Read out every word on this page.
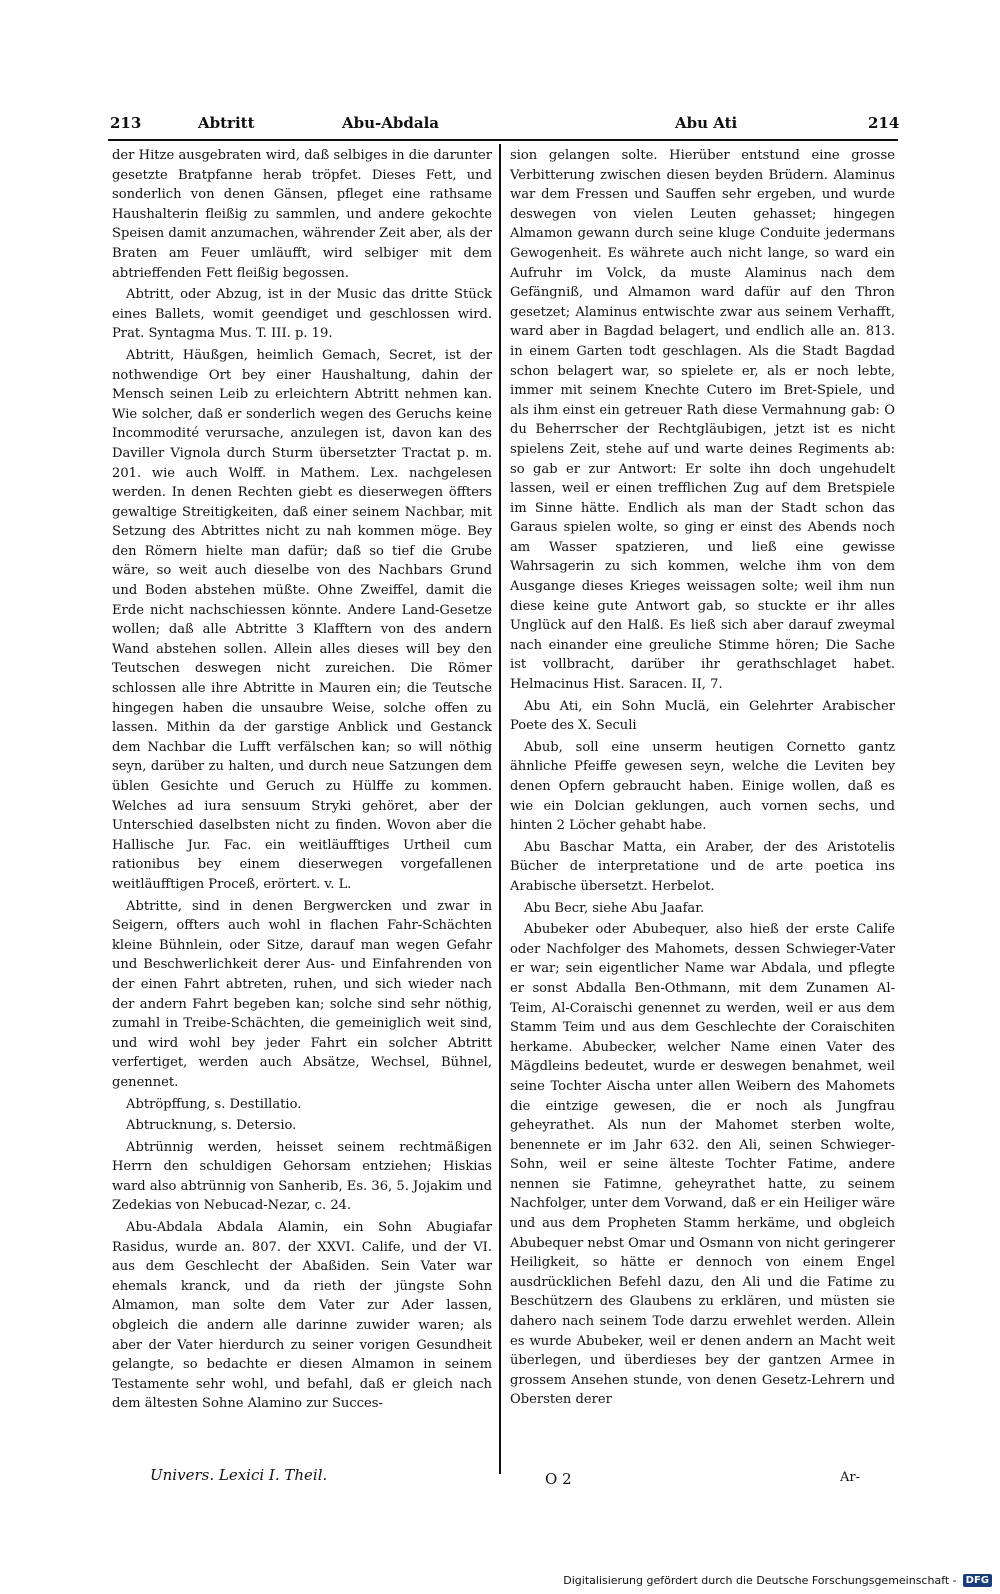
213	Abtritt	Abu-Abdala	Abu Ati	214

der Hitze ausgebraten wird, daß selbiges in die darunter gesetzte Bratpfanne herab tröpfet. Dieses Fett, und sonderlich von denen Gänsen, pfleget eine rathsame Haushalterin fleißig zu sammlen, und andere gekochte Speisen damit anzumachen, währender Zeit aber, als der Braten am Feuer umläufft, wird selbiger mit dem abtrieffenden Fett fleißig begossen.

Abtritt, oder Abzug, ist in der Music das dritte Stück eines Ballets, womit geendiget und geschlossen wird. Prat. Syntagma Mus. T. III. p. 19.

Abtritt, Häußgen, heimlich Gemach, Secret, ist der nothwendige Ort bey einer Haushaltung, dahin der Mensch seinen Leib zu erleichtern Abtritt nehmen kan. Wie solcher, daß er sonderlich wegen des Geruchs keine Incommodité verursache, anzulegen ist, davon kan des Daviller Vignola durch Sturm übersetzter Tractat p. m. 201. wie auch Wolff. in Mathem. Lex. nachgelesen werden. In denen Rechten giebt es dieserwegen öffters gewaltige Streitigkeiten, daß einer seinem Nachbar, mit Setzung des Abtrittes nicht zu nah kommen möge. Bey den Römern hielte man dafür; daß so tief die Grube wäre, so weit auch dieselbe von des Nachbars Grund und Boden abstehen müßte. Ohne Zweiffel, damit die Erde nicht nachschiessen könnte. Andere Land-Gesetze wollen; daß alle Abtritte 3 Klafftern von des andern Wand abstehen sollen. Allein alles dieses will bey den Teutschen deswegen nicht zureichen. Die Römer schlossen alle ihre Abtritte in Mauren ein; die Teutsche hingegen haben die unsaubre Weise, solche offen zu lassen. Mithin da der garstige Anblick und Gestanck dem Nachbar die Lufft verfälschen kan; so will nöthig seyn, darüber zu halten, und durch neue Satzungen dem üblen Gesichte und Geruch zu Hülffe zu kommen. Welches ad iura sensuum Stryki gehöret, aber der Unterschied daselbsten nicht zu finden. Wovon aber die Hallische Jur. Fac. ein weitläufftiges Urtheil cum rationibus bey einem dieserwegen vorgefallenen weitläufftigen Proceß, erörtert. v. L.

Abtritte, sind in denen Bergwercken und zwar in Seigern, offters auch wohl in flachen Fahr-Schächten kleine Bühnlein, oder Sitze, darauf man wegen Gefahr und Beschwerlichkeit derer Aus- und Einfahrenden von der einen Fahrt abtreten, ruhen, und sich wieder nach der andern Fahrt begeben kan; solche sind sehr nöthig, zumahl in Treibe-Schächten, die gemeiniglich weit sind, und wird wohl bey jeder Fahrt ein solcher Abtritt verfertiget, werden auch Absätze, Wechsel, Bühnel, genennet.

Abtröpffung, s. Destillatio.

Abtrucknung, s. Detersio.

Abtrünnig werden, heisset seinem rechtmäßigen Herrn den schuldigen Gehorsam entziehen; Hiskias ward also abtrünnig von Sanherib, Es. 36, 5. Jojakim und Zedekias von Nebucad-Nezar, c. 24.

Abu-Abdala Abdala Alamin, ein Sohn Abugiafar Rasidus, wurde an. 807. der XXVI. Calife, und der VI. aus dem Geschlecht der Abaßiden. Sein Vater war ehemals kranck, und da rieth der jüngste Sohn Almamon, man solte dem Vater zur Ader lassen, obgleich die andern alle darinne zuwider waren; als aber der Vater hierdurch zu seiner vorigen Gesundheit gelangte, so bedachte er diesen Almamon in seinem Testamente sehr wohl, und befahl, daß er gleich nach dem ältesten Sohne Alamino zur Succes-

sion gelangen solte. Hierüber entstund eine grosse Verbitterung zwischen diesen beyden Brüdern. Alaminus war dem Fressen und Sauffen sehr ergeben, und wurde deswegen von vielen Leuten gehasset; hingegen Almamon gewann durch seine kluge Conduite jedermans Gewogenheit. Es währete auch nicht lange, so ward ein Aufruhr im Volck, da muste Alaminus nach dem Gefängniß, und Almamon ward dafür auf den Thron gesetzet; Alaminus entwischte zwar aus seinem Verhafft, ward aber in Bagdad belagert, und endlich alle an. 813. in einem Garten todt geschlagen. Als die Stadt Bagdad schon belagert war, so spielete er, als er noch lebte, immer mit seinem Knechte Cutero im Bret-Spiele, und als ihm einst ein getreuer Rath diese Vermahnung gab: O du Beherrscher der Rechtgläubigen, jetzt ist es nicht spielens Zeit, stehe auf und warte deines Regiments ab: so gab er zur Antwort: Er solte ihn doch ungehudelt lassen, weil er einen trefflichen Zug auf dem Bretspiele im Sinne hätte. Endlich als man der Stadt schon das Garaus spielen wolte, so ging er einst des Abends noch am Wasser spatzieren, und ließ eine gewisse Wahrsagerin zu sich kommen, welche ihm von dem Ausgange dieses Krieges weissagen solte; weil ihm nun diese keine gute Antwort gab, so stuckte er ihr alles Unglück auf den Halß. Es ließ sich aber darauf zweymal nach einander eine greuliche Stimme hören; Die Sache ist vollbracht, darüber ihr gerathschlaget habet. Helmacinus Hist. Saracen. II, 7.

Abu Ati, ein Sohn Muclä, ein Gelehrter Arabischer Poete des X. Seculi

Abub, soll eine unserm heutigen Cornetto gantz ähnliche Pfeiffe gewesen seyn, welche die Leviten bey denen Opfern gebraucht haben. Einige wollen, daß es wie ein Dolcian geklungen, auch vornen sechs, und hinten 2 Löcher gehabt habe.

Abu Baschar Matta, ein Araber, der des Aristotelis Bücher de interpretatione und de arte poetica ins Arabische übersetzt. Herbelot.

Abu Becr, siehe Abu Jaafar.

Abubeker oder Abubequer, also hieß der erste Calife oder Nachfolger des Mahomets, dessen Schwieger-Vater er war; sein eigentlicher Name war Abdala, und pflegte er sonst Abdalla Ben-Othmann, mit dem Zunamen Al-Teim, Al-Coraischi genennet zu werden, weil er aus dem Stamm Teim und aus dem Geschlechte der Coraischiten herkame. Abubecker, welcher Name einen Vater des Mägdleins bedeutet, wurde er deswegen benahmet, weil seine Tochter Aischa unter allen Weibern des Mahomets die eintzige gewesen, die er noch als Jungfrau geheyrathet. Als nun der Mahomet sterben wolte, benennete er im Jahr 632. den Ali, seinen Schwieger-Sohn, weil er seine älteste Tochter Fatime, andere nennen sie Fatimne, geheyrathet hatte, zu seinem Nachfolger, unter dem Vorwand, daß er ein Heiliger wäre und aus dem Propheten Stamm herkäme, und obgleich Abubequer nebst Omar und Osmann von nicht geringerer Heiligkeit, so hätte er dennoch von einem Engel ausdrücklichen Befehl dazu, den Ali und die Fatime zu Beschützern des Glaubens zu erklären, und müsten sie dahero nach seinem Tode darzu erwehlet werden. Allein es wurde Abubeker, weil er denen andern an Macht weit überlegen, und überdieses bey der gantzen Armee in grossem Ansehen stunde, von denen Gesetz-Lehrern und Obersten derer

Univers. Lexici I. Theil.	O 2	Ar-
Digitalisierung gefördert durch die Deutsche Forschungsgemeinschaft - DFG
